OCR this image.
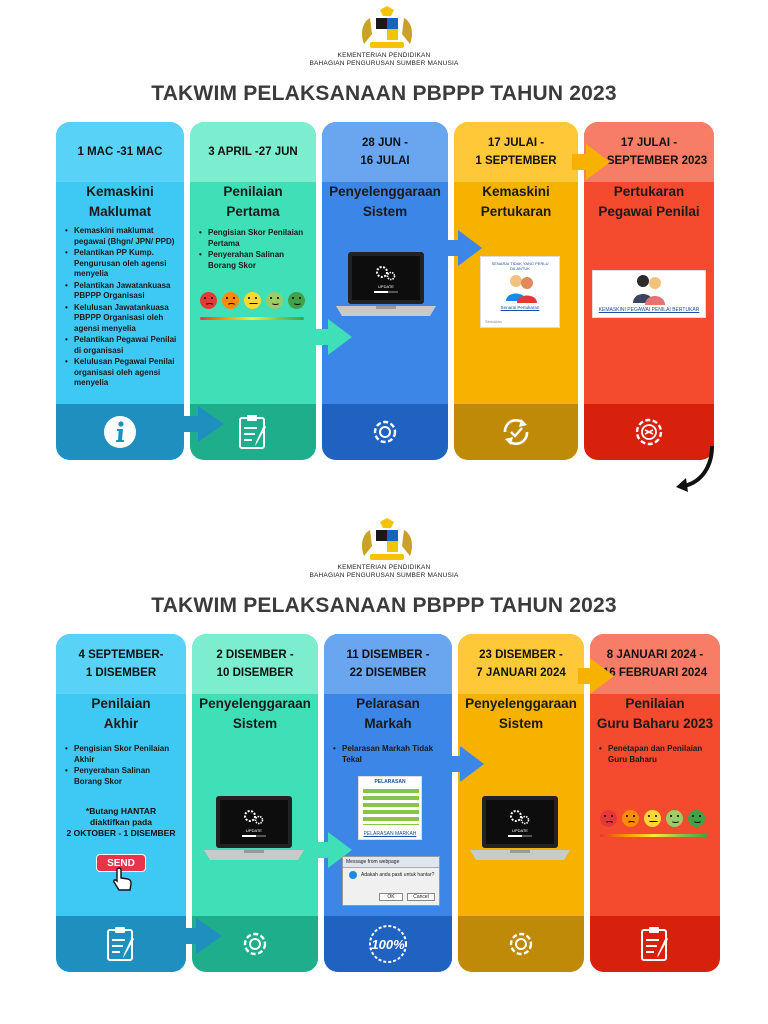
KEMENTERIAN PENDIDIKAN
BAHAGIAN PENGURUSAN SUMBER MANUSIA
TAKWIM PELAKSANAAN PBPPP TAHUN 2023
1 MAC -31 MAC
Kemaskini
Maklumat
• Kemaskini maklumat pegawai (Bhgn/ JPN/ PPD)
• Pelantikan PP Kump. Pengurusan oleh agensi menyelia
• Pelantikan Jawatankuasa PBPPP Organisasi
• Kelulusan Jawatankuasa PBPPP Organisasi oleh agensi menyelia
• Pelantikan Pegawai Penilai di organisasi
• Kelulusan Pegawai Penilai organisasi oleh agensi menyelia
3 APRIL -27 JUN
Penilaian
Pertama
• Pengisian Skor Penilaian Pertama
• Penyerahan Salinan Borang Skor
28 JUN -
16 JULAI
Penyelenggaraan
Sistem
UPDATE
17 JULAI -
1 SEPTEMBER
Kemaskini
Pertukaran
SENARAI TIDAK YANG PERLU DILANTUK
Senarai Pertukaran
Semakan
17 JULAI -
30 SEPTEMBER 2023
Pertukaran
Pegawai Penilai
KEMASKINI PEGAWAI PENILAI BERTUKAR
KEMENTERIAN PENDIDIKAN
BAHAGIAN PENGURUSAN SUMBER MANUSIA
TAKWIM PELAKSANAAN PBPPP TAHUN 2023
4 SEPTEMBER-
1 DISEMBER
Penilaian
Akhir
• Pengisian Skor Penilaian Akhir
• Penyerahan Salinan Borang Skor
*Butang HANTAR
diaktifkan pada
2 OKTOBER - 1 DISEMBER
SEND
2 DISEMBER -
10 DISEMBER
Penyelenggaraan
Sistem
UPDATE
11 DISEMBER -
22 DISEMBER
Pelarasan
Markah
• Pelarasan Markah Tidak Tekal
PELARASAN
PELARASAN MARKAH
Message from webpage
Adakah anda pasti untuk hantar?
OK	Cancel
100%
23 DISEMBER -
7 JANUARI 2024
Penyelenggaraan
Sistem
UPDATE
8 JANUARI 2024 -
16 FEBRUARI 2024
Penilaian
Guru Baharu 2023
• Penetapan dan Penilaian Guru Baharu
